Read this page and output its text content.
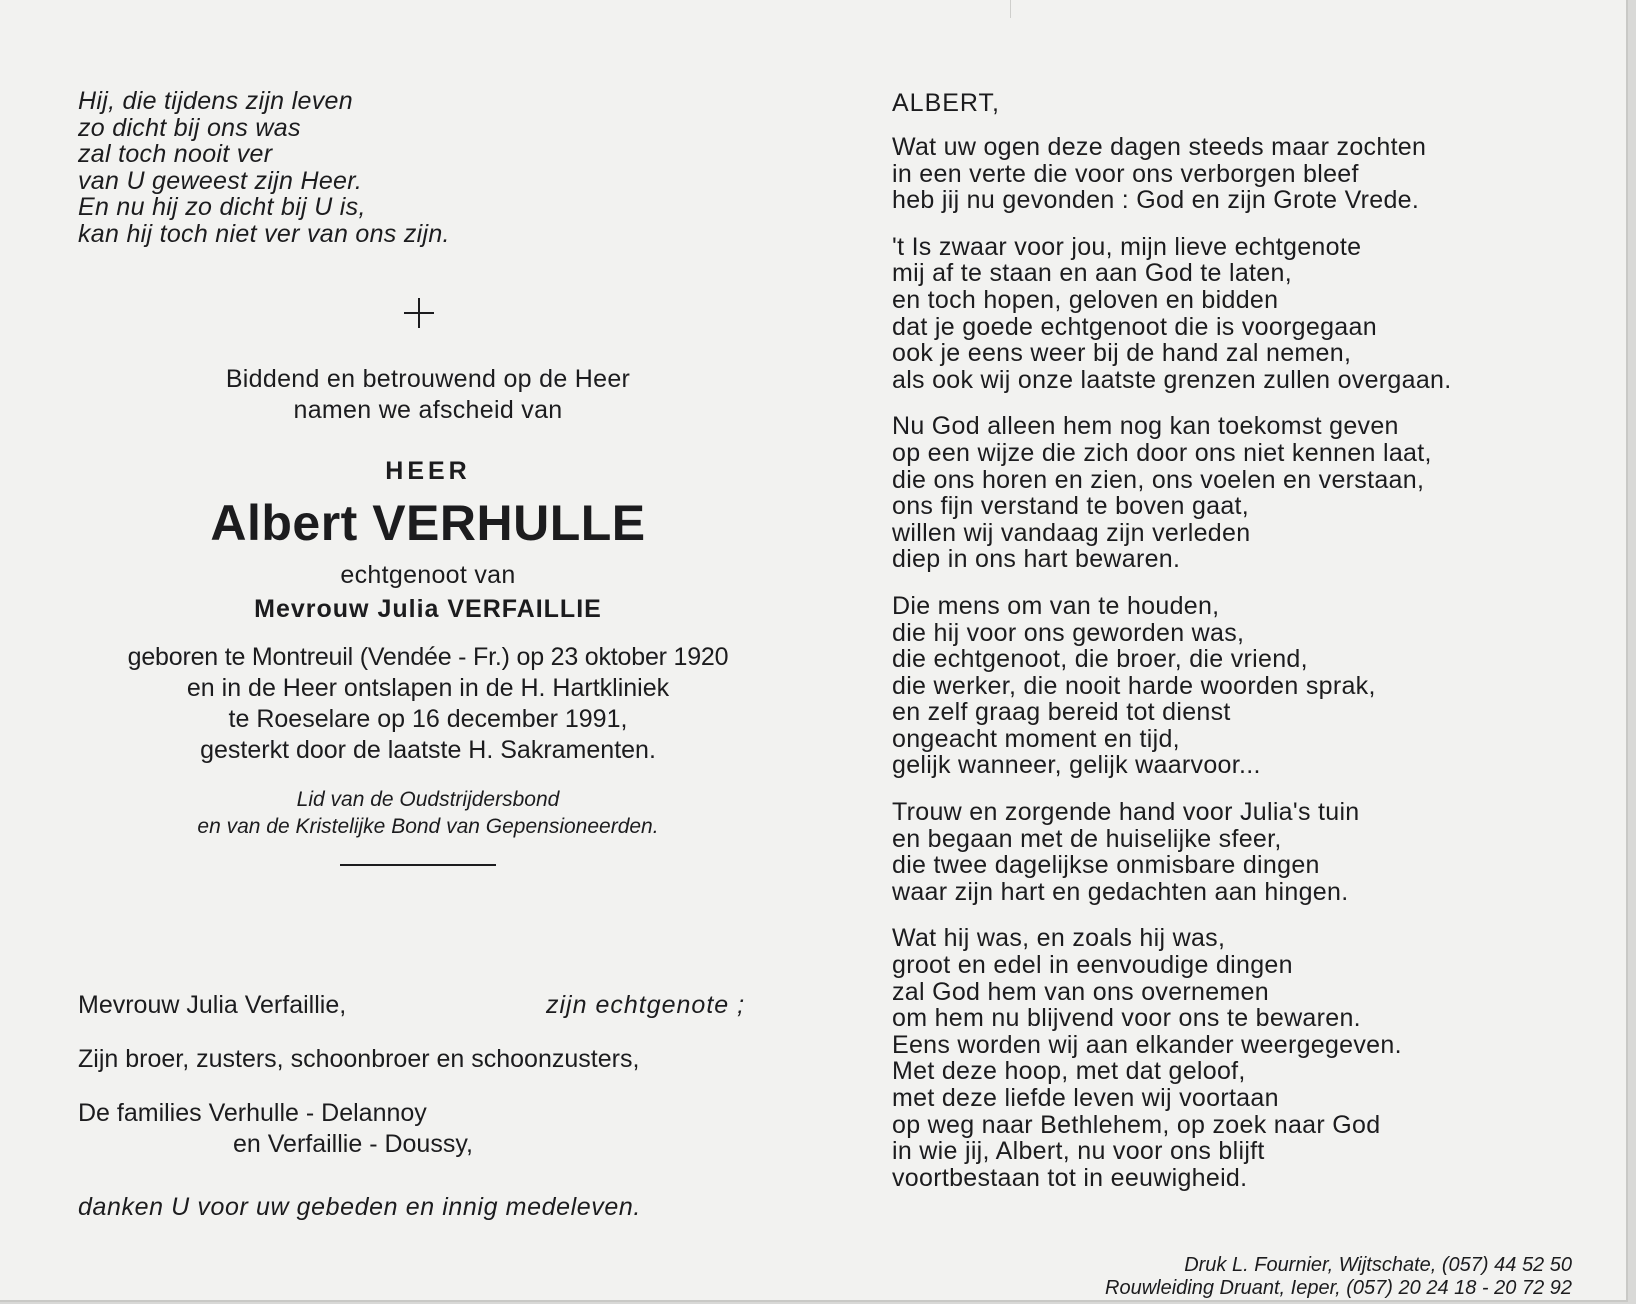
Hij, die tijdens zijn leven
zo dicht bij ons was
zal toch nooit ver
van U geweest zijn Heer.
En nu hij zo dicht bij U is,
kan hij toch niet ver van ons zijn.
Biddend en betrouwend op de Heer
namen we afscheid van
HEER
Albert VERHULLE
echtgenoot van
Mevrouw Julia VERFAILLIE
geboren te Montreuil (Vendée - Fr.) op 23 oktober 1920
en in de Heer ontslapen in de H. Hartkliniek
te Roeselare op 16 december 1991,
gesterkt door de laatste H. Sakramenten.
Lid van de Oudstrijdersbond
en van de Kristelijke Bond van Gepensioneerden.
Mevrouw Julia Verfaillie,	zijn echtgenote ;
Zijn broer, zusters, schoonbroer en schoonzusters,
De families Verhulle - Delannoy
en Verfaillie - Doussy,
danken U voor uw gebeden en innig medeleven.
ALBERT,
Wat uw ogen deze dagen steeds maar zochten
in een verte die voor ons verborgen bleef
heb jij nu gevonden : God en zijn Grote Vrede.
't Is zwaar voor jou, mijn lieve echtgenote
mij af te staan en aan God te laten,
en toch hopen, geloven en bidden
dat je goede echtgenoot die is voorgegaan
ook je eens weer bij de hand zal nemen,
als ook wij onze laatste grenzen zullen overgaan.
Nu God alleen hem nog kan toekomst geven
op een wijze die zich door ons niet kennen laat,
die ons horen en zien, ons voelen en verstaan,
ons fijn verstand te boven gaat,
willen wij vandaag zijn verleden
diep in ons hart bewaren.
Die mens om van te houden,
die hij voor ons geworden was,
die echtgenoot, die broer, die vriend,
die werker, die nooit harde woorden sprak,
en zelf graag bereid tot dienst
ongeacht moment en tijd,
gelijk wanneer, gelijk waarvoor...
Trouw en zorgende hand voor Julia's tuin
en begaan met de huiselijke sfeer,
die twee dagelijkse onmisbare dingen
waar zijn hart en gedachten aan hingen.
Wat hij was, en zoals hij was,
groot en edel in eenvoudige dingen
zal God hem van ons overnemen
om hem nu blijvend voor ons te bewaren.
Eens worden wij aan elkander weergegeven.
Met deze hoop, met dat geloof,
met deze liefde leven wij voortaan
op weg naar Bethlehem, op zoek naar God
in wie jij, Albert, nu voor ons blijft
voortbestaan tot in eeuwigheid.
Druk L. Fournier, Wijtschate, (057) 44 52 50
Rouwleiding Druant, Ieper, (057) 20 24 18 - 20 72 92
